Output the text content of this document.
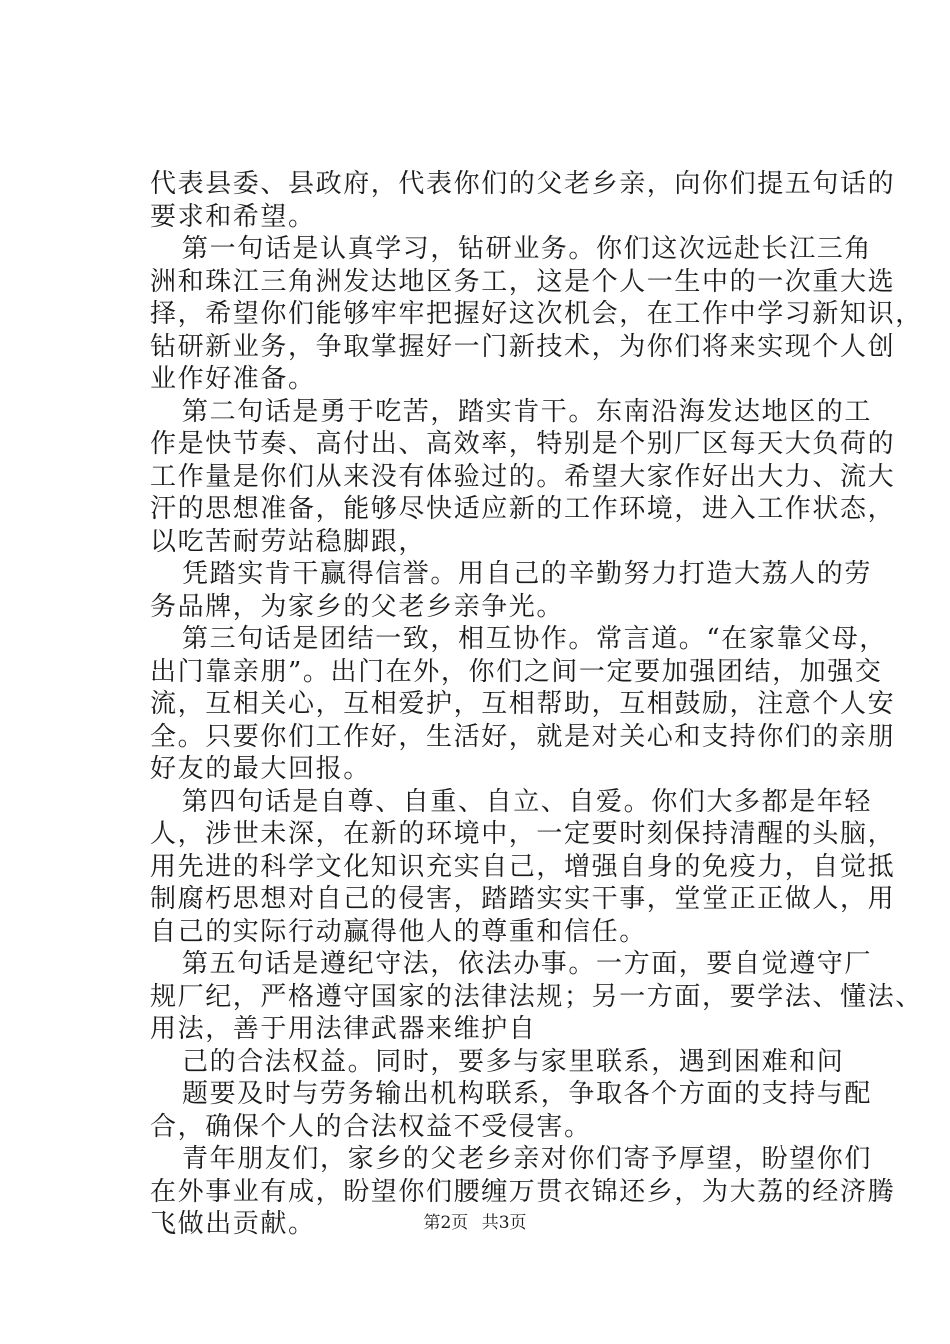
代表县委、县政府，代表你们的父老乡亲，向你们提五句话的
要求和希望。
第一句话是认真学习，钻研业务。你们这次远赴长江三角
洲和珠江三角洲发达地区务工，这是个人一生中的一次重大选
择，希望你们能够牢牢把握好这次机会，在工作中学习新知识，
钻研新业务，争取掌握好一门新技术，为你们将来实现个人创
业作好准备。
第二句话是勇于吃苦，踏实肯干。东南沿海发达地区的工
作是快节奏、高付出、高效率，特别是个别厂区每天大负荷的
工作量是你们从来没有体验过的。希望大家作好出大力、流大
汗的思想准备，能够尽快适应新的工作环境，进入工作状态，
以吃苦耐劳站稳脚跟，
凭踏实肯干赢得信誉。用自己的辛勤努力打造大荔人的劳
务品牌，为家乡的父老乡亲争光。
第三句话是团结一致，相互协作。常言道。“在家靠父母，
出门靠亲朋”。出门在外，你们之间一定要加强团结，加强交
流，互相关心，互相爱护，互相帮助，互相鼓励，注意个人安
全。只要你们工作好，生活好，就是对关心和支持你们的亲朋
好友的最大回报。
第四句话是自尊、自重、自立、自爱。你们大多都是年轻
人，涉世未深，在新的环境中，一定要时刻保持清醒的头脑，
用先进的科学文化知识充实自己，增强自身的免疫力，自觉抵
制腐朽思想对自己的侵害，踏踏实实干事，堂堂正正做人，用
自己的实际行动赢得他人的尊重和信任。
第五句话是遵纪守法，依法办事。一方面，要自觉遵守厂
规厂纪，严格遵守国家的法律法规；另一方面，要学法、懂法、
用法，善于用法律武器来维护自
己的合法权益。同时，要多与家里联系，遇到困难和问
题要及时与劳务输出机构联系，争取各个方面的支持与配
合，确保个人的合法权益不受侵害。
青年朋友们，家乡的父老乡亲对你们寄予厚望，盼望你们
在外事业有成，盼望你们腰缠万贯衣锦还乡，为大荔的经济腾
飞做出贡献。	第2页 共3页
